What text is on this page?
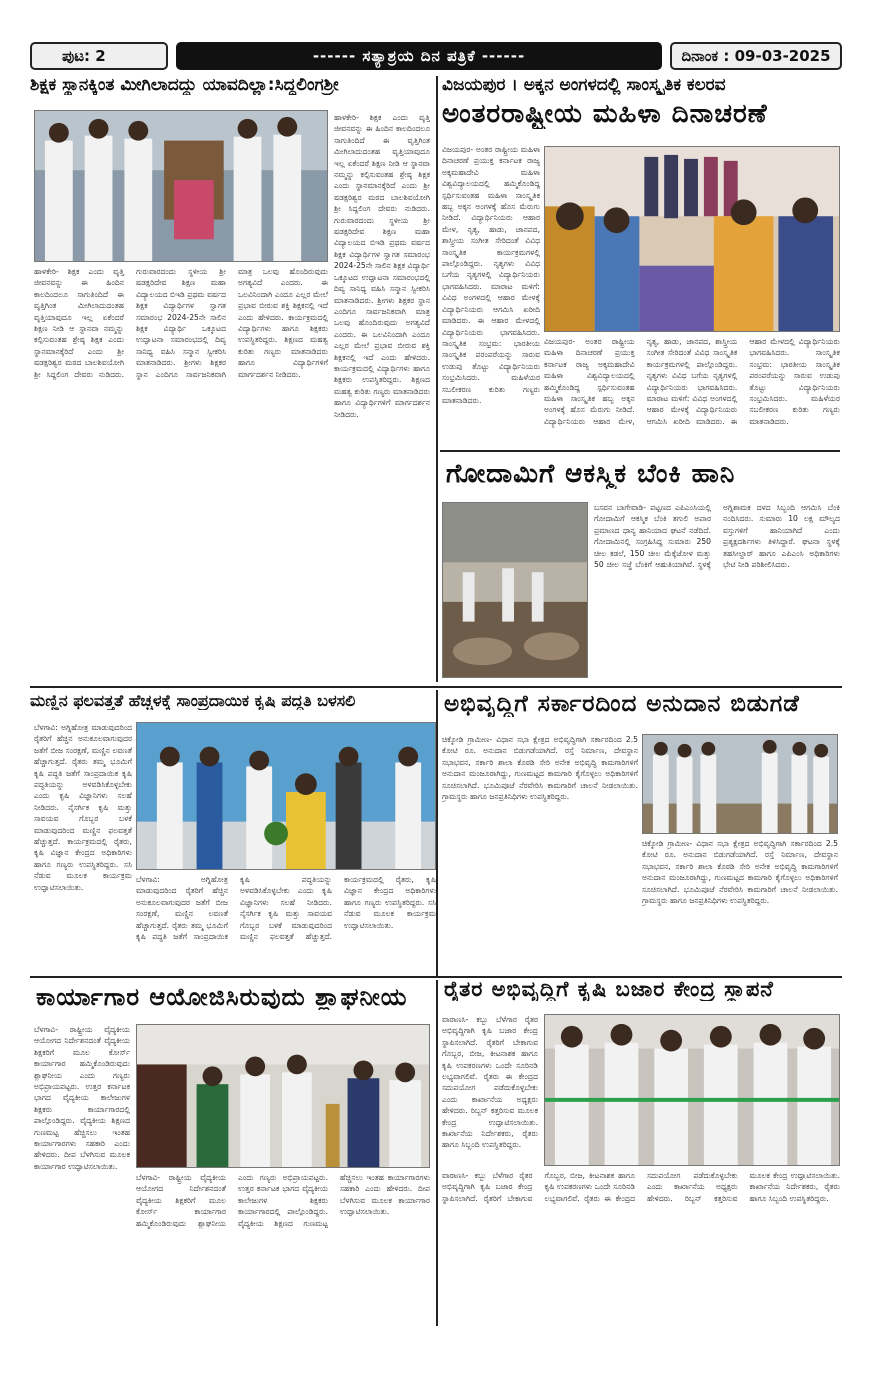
ಪುಟ: 2	------ ಸತ್ಯಾಶ್ರಯ ದಿನ ಪತ್ರಿಕೆ ------	ದಿನಾಂಕ : 09-03-2025
ಶಿಕ್ಷಕ ಸ್ಥಾನಕ್ಕಿಂತ ಮೀಗಿಲಾದದ್ದು ಯಾವದಿಲ್ಲಾ:ಸಿದ್ದಲಿಂಗಶ್ರೀ

ಹಾಳಕೇರಿ- ಶಿಕ್ಷಕ ಎಂದು ವೃತ್ತಿ ಜೀವನವನ್ನು ಈ ಹಿಂದಿನ ಕಾಲದಿಂದಲೂ ಸಾಗುತಿಂದಿದೆ ಈ ವೃತ್ತಿಗಿಂತ ಮೀಗಿಲಾದುದಂತಹ ವೃತ್ತಿಯಾವುದೂ ಇಲ್ಲ ಏಕೆಂದರೆ ಶಿಕ್ಷಣ ನೀಡಿ ಆ ಸ್ಥಾನವಾ ನಮ್ಮನ್ನು ಕಲ್ಪಿಸುವಂತಹ ಶ್ರೇಷ್ಠ ಶಿಕ್ಷಕ ಎಂದು ಸ್ಥಾನಮಾನಕ್ಕೆರಿದೆ ಎಂದು ಶ್ರೀ ಷಡಕ್ಷರಿಶ್ವರ ಮಠದ ಬಾಲಶಿವಯೋಗಿ ಶ್ರೀ ಸಿದ್ದಲಿಂಗ ದೇವರು ನುಡಿದರು. ಗುರುವಾರದಂದು ಸ್ಥಳೀಯ ಶ್ರೀ ಷಡಕ್ಷರಿದೇವ ಶಿಕ್ಷಣ ಮಹಾ ವಿದ್ಯಾಲಯದ ಬಿಇಡಿ ಪ್ರಥಮ ವರ್ಷದ ಶಿಕ್ಷಕ ವಿದ್ಯಾರ್ಥಿಗಳ ಸ್ವಾಗತ ಸಮಾರಂಭ 2024-25ನೇ ಸಾಲಿನ ಶಿಕ್ಷಕ ವಿದ್ಯಾರ್ಥಿ ಒಕ್ಕೂಟದ ಉದ್ಘಾಟನಾ ಸಮಾರಂಭದಲ್ಲಿ ದಿವ್ಯ ಸಾನಿಧ್ಯ ವಹಿಸಿ ಸನ್ಮಾನ ಸ್ವೀಕರಿಸಿ ಮಾತನಾಡಿದರು. ಶ್ರೀಗಳು ಶಿಕ್ಷಕರ ಸ್ಥಾನ ಎಂದಿಗೂ ಸಾರ್ವಜನಿಕವಾಗಿ ಮಾತ್ರ ಒಲವು ಹೊಂದಿರುವುದು ಅಗತ್ಯವಿದೆ ಎಂದರು. ಈ ಒಲವಿನಿಂದಾಗಿ ಎಂದೂ ಎಲ್ಲರ ಮೇಲೆ ಪ್ರಭಾವ ಬೀರುವ ಶಕ್ತಿ ಶಿಕ್ಷಕನಲ್ಲಿ ಇದೆ ಎಂದು ಹೇಳಿದರು. ಕಾರ್ಯಕ್ರಮದಲ್ಲಿ ವಿದ್ಯಾರ್ಥಿಗಳು ಹಾಗೂ ಶಿಕ್ಷಕರು ಉಪಸ್ಥಿತರಿದ್ದರು. ಶಿಕ್ಷಣದ ಮಹತ್ವ ಕುರಿತು ಗಣ್ಯರು ಮಾತನಾಡಿದರು ಹಾಗೂ ವಿದ್ಯಾರ್ಥಿಗಳಿಗೆ ಮಾರ್ಗದರ್ಶನ ನೀಡಿದರು.

ಹಾಳಕೇರಿ- ಶಿಕ್ಷಕ ಎಂದು ವೃತ್ತಿ ಜೀವನವನ್ನು ಈ ಹಿಂದಿನ ಕಾಲದಿಂದಲೂ ಸಾಗುತಿಂದಿದೆ ಈ ವೃತ್ತಿಗಿಂತ ಮೀಗಿಲಾದುದಂತಹ ವೃತ್ತಿಯಾವುದೂ ಇಲ್ಲ ಏಕೆಂದರೆ ಶಿಕ್ಷಣ ನೀಡಿ ಆ ಸ್ಥಾನವಾ ನಮ್ಮನ್ನು ಕಲ್ಪಿಸುವಂತಹ ಶ್ರೇಷ್ಠ ಶಿಕ್ಷಕ ಎಂದು ಸ್ಥಾನಮಾನಕ್ಕೆರಿದೆ ಎಂದು ಶ್ರೀ ಷಡಕ್ಷರಿಶ್ವರ ಮಠದ ಬಾಲಶಿವಯೋಗಿ ಶ್ರೀ ಸಿದ್ದಲಿಂಗ ದೇವರು ನುಡಿದರು. ಗುರುವಾರದಂದು ಸ್ಥಳೀಯ ಶ್ರೀ ಷಡಕ್ಷರಿದೇವ ಶಿಕ್ಷಣ ಮಹಾ ವಿದ್ಯಾಲಯದ ಬಿಇಡಿ ಪ್ರಥಮ ವರ್ಷದ ಶಿಕ್ಷಕ ವಿದ್ಯಾರ್ಥಿಗಳ ಸ್ವಾಗತ ಸಮಾರಂಭ 2024-25ನೇ ಸಾಲಿನ ಶಿಕ್ಷಕ ವಿದ್ಯಾರ್ಥಿ ಒಕ್ಕೂಟದ ಉದ್ಘಾಟನಾ ಸಮಾರಂಭದಲ್ಲಿ ದಿವ್ಯ ಸಾನಿಧ್ಯ ವಹಿಸಿ ಸನ್ಮಾನ ಸ್ವೀಕರಿಸಿ ಮಾತನಾಡಿದರು. ಶ್ರೀಗಳು ಶಿಕ್ಷಕರ ಸ್ಥಾನ ಎಂದಿಗೂ ಸಾರ್ವಜನಿಕವಾಗಿ ಮಾತ್ರ ಒಲವು ಹೊಂದಿರುವುದು ಅಗತ್ಯವಿದೆ ಎಂದರು. ಈ ಒಲವಿನಿಂದಾಗಿ ಎಂದೂ ಎಲ್ಲರ ಮೇಲೆ ಪ್ರಭಾವ ಬೀರುವ ಶಕ್ತಿ ಶಿಕ್ಷಕನಲ್ಲಿ ಇದೆ ಎಂದು ಹೇಳಿದರು. ಕಾರ್ಯಕ್ರಮದಲ್ಲಿ ವಿದ್ಯಾರ್ಥಿಗಳು ಹಾಗೂ ಶಿಕ್ಷಕರು ಉಪಸ್ಥಿತರಿದ್ದರು. ಶಿಕ್ಷಣದ ಮಹತ್ವ ಕುರಿತು ಗಣ್ಯರು ಮಾತನಾಡಿದರು ಹಾಗೂ ವಿದ್ಯಾರ್ಥಿಗಳಿಗೆ ಮಾರ್ಗದರ್ಶನ ನೀಡಿದರು.

ವಿಜಯಪುರ । ಅಕ್ಕನ ಅಂಗಳದಲ್ಲಿ ಸಾಂಸ್ಕೃತಿಕ ಕಲರವ
ಅಂತರರಾಷ್ಟ್ರೀಯ ಮಹಿಳಾ ದಿನಾಚರಣೆ

ವಿಜಯಪುರ- ಅಂತರ ರಾಷ್ಟ್ರೀಯ ಮಹಿಳಾ ದಿನಾಚರಣೆ ಪ್ರಯುಕ್ತ ಕರ್ನಾಟಕ ರಾಜ್ಯ ಅಕ್ಕಮಹಾದೇವಿ ಮಹಿಳಾ ವಿಶ್ವವಿದ್ಯಾಲಯದಲ್ಲಿ ಹಮ್ಮಿಕೊಂಡಿದ್ದ ಸ್ಪರ್ಧಿಸುವಂತಹ ಮಹಿಳಾ ಸಾಂಸ್ಕೃತಿಕ ಹಬ್ಬ ಅಕ್ಕನ ಅಂಗಳಕ್ಕೆ ಹೊಸ ಮೆರುಗು ನೀಡಿದೆ. ವಿದ್ಯಾರ್ಥಿನಿಯರು ಆಹಾರ ಮೇಳ, ನೃತ್ಯ, ಹಾಡು, ಜಾನಪದ, ಶಾಸ್ತ್ರೀಯ ಸಂಗೀತ ಸೇರಿದಂತೆ ವಿವಿಧ ಸಾಂಸ್ಕೃತಿಕ ಕಾರ್ಯಕ್ರಮಗಳಲ್ಲಿ ಪಾಲ್ಗೊಂಡಿದ್ದರು. ನೃತ್ಯಗಳು ವಿವಿಧ ಬಗೆಯ ನೃತ್ಯಗಳಲ್ಲಿ ವಿದ್ಯಾರ್ಥಿನಿಯರು ಭಾಗವಹಿಸಿದರು. ಮಾರಾಟ ಮಳಿಗೆ: ವಿವಿಧ ಅಂಗಳದಲ್ಲಿ ಆಹಾರ ಮೇಳಕ್ಕೆ ವಿದ್ಯಾರ್ಥಿನಿಯರು ಆಗಮಿಸಿ ಖರೀದಿ ಮಾಡಿದರು. ಈ ಆಹಾರ ಮೇಳದಲ್ಲಿ ವಿದ್ಯಾರ್ಥಿನಿಯರು ಭಾಗವಹಿಸಿದರು. ಸಾಂಸ್ಕೃತಿಕ ಸಂಭ್ರಮ: ಭಾರತೀಯ ಸಾಂಸ್ಕೃತಿಕ ಪರಂಪರೆಯನ್ನು ಸಾರುವ ಉಡುಪು ತೊಟ್ಟು ವಿದ್ಯಾರ್ಥಿನಿಯರು ಸಂಭ್ರಮಿಸಿದರು. ಮಹಿಳೆಯರ ಸಬಲೀಕರಣ ಕುರಿತು ಗಣ್ಯರು ಮಾತನಾಡಿದರು.

ವಿಜಯಪುರ- ಅಂತರ ರಾಷ್ಟ್ರೀಯ ಮಹಿಳಾ ದಿನಾಚರಣೆ ಪ್ರಯುಕ್ತ ಕರ್ನಾಟಕ ರಾಜ್ಯ ಅಕ್ಕಮಹಾದೇವಿ ಮಹಿಳಾ ವಿಶ್ವವಿದ್ಯಾಲಯದಲ್ಲಿ ಹಮ್ಮಿಕೊಂಡಿದ್ದ ಸ್ಪರ್ಧಿಸುವಂತಹ ಮಹಿಳಾ ಸಾಂಸ್ಕೃತಿಕ ಹಬ್ಬ ಅಕ್ಕನ ಅಂಗಳಕ್ಕೆ ಹೊಸ ಮೆರುಗು ನೀಡಿದೆ. ವಿದ್ಯಾರ್ಥಿನಿಯರು ಆಹಾರ ಮೇಳ, ನೃತ್ಯ, ಹಾಡು, ಜಾನಪದ, ಶಾಸ್ತ್ರೀಯ ಸಂಗೀತ ಸೇರಿದಂತೆ ವಿವಿಧ ಸಾಂಸ್ಕೃತಿಕ ಕಾರ್ಯಕ್ರಮಗಳಲ್ಲಿ ಪಾಲ್ಗೊಂಡಿದ್ದರು. ನೃತ್ಯಗಳು ವಿವಿಧ ಬಗೆಯ ನೃತ್ಯಗಳಲ್ಲಿ ವಿದ್ಯಾರ್ಥಿನಿಯರು ಭಾಗವಹಿಸಿದರು. ಮಾರಾಟ ಮಳಿಗೆ: ವಿವಿಧ ಅಂಗಳದಲ್ಲಿ ಆಹಾರ ಮೇಳಕ್ಕೆ ವಿದ್ಯಾರ್ಥಿನಿಯರು ಆಗಮಿಸಿ ಖರೀದಿ ಮಾಡಿದರು. ಈ ಆಹಾರ ಮೇಳದಲ್ಲಿ ವಿದ್ಯಾರ್ಥಿನಿಯರು ಭಾಗವಹಿಸಿದರು. ಸಾಂಸ್ಕೃತಿಕ ಸಂಭ್ರಮ: ಭಾರತೀಯ ಸಾಂಸ್ಕೃತಿಕ ಪರಂಪರೆಯನ್ನು ಸಾರುವ ಉಡುಪು ತೊಟ್ಟು ವಿದ್ಯಾರ್ಥಿನಿಯರು ಸಂಭ್ರಮಿಸಿದರು. ಮಹಿಳೆಯರ ಸಬಲೀಕರಣ ಕುರಿತು ಗಣ್ಯರು ಮಾತನಾಡಿದರು.

ಗೋದಾಮಿಗೆ ಆಕಸ್ಮಿಕ ಬೆಂಕಿ ಹಾನಿ

ಬಸವನ ಬಾಗೇವಾಡಿ- ಪಟ್ಟಣದ ಎಪಿಎಂಸಿಯಲ್ಲಿ ಗೋದಾಮಿಗೆ ಆಕಸ್ಮಿಕ ಬೆಂಕಿ ತಗುಲಿ ಅಪಾರ ಪ್ರಮಾಣದ ಧಾನ್ಯ ಹಾನಿಯಾದ ಘಟನೆ ನಡೆದಿದೆ. ಗೋದಾಮಿನಲ್ಲಿ ಸಂಗ್ರಹಿಸಿದ್ದ ಸುಮಾರು 250 ಚೀಲ ಕಡಲೆ, 150 ಚೀಲ ಮೆಕ್ಕೆಜೋಳ ಮತ್ತು 50 ಚೀಲ ಸಜ್ಜೆ ಬೆಂಕಿಗೆ ಆಹುತಿಯಾಗಿವೆ. ಸ್ಥಳಕ್ಕೆ ಅಗ್ನಿಶಾಮಕ ದಳದ ಸಿಬ್ಬಂದಿ ಆಗಮಿಸಿ ಬೆಂಕಿ ನಂದಿಸಿದರು. ಸುಮಾರು 10 ಲಕ್ಷ ಮೌಲ್ಯದ ವಸ್ತುಗಳಿಗೆ ಹಾನಿಯಾಗಿದೆ ಎಂದು ಪ್ರತ್ಯಕ್ಷದರ್ಶಿಗಳು ತಿಳಿಸಿದ್ದಾರೆ. ಘಟನಾ ಸ್ಥಳಕ್ಕೆ ತಹಸೀಲ್ದಾರ್ ಹಾಗೂ ಎಪಿಎಂಸಿ ಅಧಿಕಾರಿಗಳು ಭೇಟಿ ನೀಡಿ ಪರಿಶೀಲಿಸಿದರು.

ಮಣ್ಣಿನ ಫಲವತ್ತತೆ ಹೆಚ್ಚಳಕ್ಕೆ ಸಾಂಪ್ರದಾಯಿಕ ಕೃಷಿ ಪದ್ಧತಿ ಬಳಸಲಿ

ಬೆಳಗಾವಿ: ಅಗ್ನಿಹೋತ್ರ ಮಾಡುವುದರಿಂದ ರೈತರಿಗೆ ಹೆಚ್ಚಿನ ಅನುಕೂಲವಾಗುವುದರ ಜತೆಗೆ ಬೀಜ ಸಂರಕ್ಷಣೆ, ಮಣ್ಣಿನ ಲವಣತೆ ಹೆಚ್ಚಾಗುತ್ತದೆ. ರೈತರು ತಮ್ಮ ಭೂಮಿಗೆ ಕೃಷಿ ಪದ್ಧತಿ ಜತೆಗೆ ಸಾಂಪ್ರದಾಯಿಕ ಕೃಷಿ ಪದ್ಧತಿಯನ್ನು ಅಳವಡಿಸಿಕೊಳ್ಳಬೇಕು ಎಂದು ಕೃಷಿ ವಿಜ್ಞಾನಿಗಳು ಸಲಹೆ ನೀಡಿದರು. ನೈಸರ್ಗಿಕ ಕೃಷಿ ಮತ್ತು ಸಾವಯವ ಗೊಬ್ಬರ ಬಳಕೆ ಮಾಡುವುದರಿಂದ ಮಣ್ಣಿನ ಫಲವತ್ತತೆ ಹೆಚ್ಚುತ್ತದೆ. ಕಾರ್ಯಕ್ರಮದಲ್ಲಿ ರೈತರು, ಕೃಷಿ ವಿಜ್ಞಾನ ಕೇಂದ್ರದ ಅಧಿಕಾರಿಗಳು ಹಾಗೂ ಗಣ್ಯರು ಉಪಸ್ಥಿತರಿದ್ದರು. ಸಸಿ ನೆಡುವ ಮೂಲಕ ಕಾರ್ಯಕ್ರಮ ಉದ್ಘಾಟಿಸಲಾಯಿತು.

ಬೆಳಗಾವಿ: ಅಗ್ನಿಹೋತ್ರ ಮಾಡುವುದರಿಂದ ರೈತರಿಗೆ ಹೆಚ್ಚಿನ ಅನುಕೂಲವಾಗುವುದರ ಜತೆಗೆ ಬೀಜ ಸಂರಕ್ಷಣೆ, ಮಣ್ಣಿನ ಲವಣತೆ ಹೆಚ್ಚಾಗುತ್ತದೆ. ರೈತರು ತಮ್ಮ ಭೂಮಿಗೆ ಕೃಷಿ ಪದ್ಧತಿ ಜತೆಗೆ ಸಾಂಪ್ರದಾಯಿಕ ಕೃಷಿ ಪದ್ಧತಿಯನ್ನು ಅಳವಡಿಸಿಕೊಳ್ಳಬೇಕು ಎಂದು ಕೃಷಿ ವಿಜ್ಞಾನಿಗಳು ಸಲಹೆ ನೀಡಿದರು. ನೈಸರ್ಗಿಕ ಕೃಷಿ ಮತ್ತು ಸಾವಯವ ಗೊಬ್ಬರ ಬಳಕೆ ಮಾಡುವುದರಿಂದ ಮಣ್ಣಿನ ಫಲವತ್ತತೆ ಹೆಚ್ಚುತ್ತದೆ. ಕಾರ್ಯಕ್ರಮದಲ್ಲಿ ರೈತರು, ಕೃಷಿ ವಿಜ್ಞಾನ ಕೇಂದ್ರದ ಅಧಿಕಾರಿಗಳು ಹಾಗೂ ಗಣ್ಯರು ಉಪಸ್ಥಿತರಿದ್ದರು. ಸಸಿ ನೆಡುವ ಮೂಲಕ ಕಾರ್ಯಕ್ರಮ ಉದ್ಘಾಟಿಸಲಾಯಿತು.

ಅಭಿವೃದ್ಧಿಗೆ ಸರ್ಕಾರದಿಂದ ಅನುದಾನ ಬಿಡುಗಡೆ

ಚಿಕ್ಕೋಡಿ ಗ್ರಾಮೀಣ- ವಿಧಾನ ಸಭಾ ಕ್ಷೇತ್ರದ ಅಭಿವೃದ್ಧಿಗಾಗಿ ಸರ್ಕಾರದಿಂದ 2.5 ಕೋಟಿ ರೂ. ಅನುದಾನ ಬಿಡುಗಡೆಯಾಗಿದೆ. ರಸ್ತೆ ನಿರ್ಮಾಣ, ದೇವಸ್ಥಾನ ಸಭಾಭವನ, ಸರ್ಕಾರಿ ಶಾಲಾ ಕೊಠಡಿ ಸೇರಿ ಅನೇಕ ಅಭಿವೃದ್ಧಿ ಕಾಮಗಾರಿಗಳಿಗೆ ಅನುದಾನ ಮಂಜೂರಾಗಿದ್ದು, ಗುಣಮಟ್ಟದ ಕಾಮಗಾರಿ ಕೈಗೊಳ್ಳಲು ಅಧಿಕಾರಿಗಳಿಗೆ ಸೂಚಿಸಲಾಗಿದೆ. ಭೂಮಿಪೂಜೆ ನೆರವೇರಿಸಿ ಕಾಮಗಾರಿಗೆ ಚಾಲನೆ ನೀಡಲಾಯಿತು. ಗ್ರಾಮಸ್ಥರು ಹಾಗೂ ಜನಪ್ರತಿನಿಧಿಗಳು ಉಪಸ್ಥಿತರಿದ್ದರು.

ಚಿಕ್ಕೋಡಿ ಗ್ರಾಮೀಣ- ವಿಧಾನ ಸಭಾ ಕ್ಷೇತ್ರದ ಅಭಿವೃದ್ಧಿಗಾಗಿ ಸರ್ಕಾರದಿಂದ 2.5 ಕೋಟಿ ರೂ. ಅನುದಾನ ಬಿಡುಗಡೆಯಾಗಿದೆ. ರಸ್ತೆ ನಿರ್ಮಾಣ, ದೇವಸ್ಥಾನ ಸಭಾಭವನ, ಸರ್ಕಾರಿ ಶಾಲಾ ಕೊಠಡಿ ಸೇರಿ ಅನೇಕ ಅಭಿವೃದ್ಧಿ ಕಾಮಗಾರಿಗಳಿಗೆ ಅನುದಾನ ಮಂಜೂರಾಗಿದ್ದು, ಗುಣಮಟ್ಟದ ಕಾಮಗಾರಿ ಕೈಗೊಳ್ಳಲು ಅಧಿಕಾರಿಗಳಿಗೆ ಸೂಚಿಸಲಾಗಿದೆ. ಭೂಮಿಪೂಜೆ ನೆರವೇರಿಸಿ ಕಾಮಗಾರಿಗೆ ಚಾಲನೆ ನೀಡಲಾಯಿತು. ಗ್ರಾಮಸ್ಥರು ಹಾಗೂ ಜನಪ್ರತಿನಿಧಿಗಳು ಉಪಸ್ಥಿತರಿದ್ದರು.

ಕಾರ್ಯಾಗಾರ ಆಯೋಜಿಸಿರುವುದು ಶ್ಲಾಘನೀಯ

ಬೆಳಗಾವಿ- ರಾಷ್ಟ್ರೀಯ ವೈದ್ಯಕೀಯ ಆಯೋಗದ ನಿರ್ದೇಶನದಂತೆ ವೈದ್ಯಕೀಯ ಶಿಕ್ಷಕರಿಗೆ ಮೂಲ ಕೋರ್ಸ್ ಕಾರ್ಯಾಗಾರ ಹಮ್ಮಿಕೊಂಡಿರುವುದು ಶ್ಲಾಘನೀಯ ಎಂದು ಗಣ್ಯರು ಅಭಿಪ್ರಾಯಪಟ್ಟರು. ಉತ್ತರ ಕರ್ನಾಟಕ ಭಾಗದ ವೈದ್ಯಕೀಯ ಕಾಲೇಜುಗಳ ಶಿಕ್ಷಕರು ಕಾರ್ಯಾಗಾರದಲ್ಲಿ ಪಾಲ್ಗೊಂಡಿದ್ದರು. ವೈದ್ಯಕೀಯ ಶಿಕ್ಷಣದ ಗುಣಮಟ್ಟ ಹೆಚ್ಚಿಸಲು ಇಂತಹ ಕಾರ್ಯಾಗಾರಗಳು ಸಹಕಾರಿ ಎಂದು ಹೇಳಿದರು. ದೀಪ ಬೆಳಗಿಸುವ ಮೂಲಕ ಕಾರ್ಯಾಗಾರ ಉದ್ಘಾಟಿಸಲಾಯಿತು.

ಬೆಳಗಾವಿ- ರಾಷ್ಟ್ರೀಯ ವೈದ್ಯಕೀಯ ಆಯೋಗದ ನಿರ್ದೇಶನದಂತೆ ವೈದ್ಯಕೀಯ ಶಿಕ್ಷಕರಿಗೆ ಮೂಲ ಕೋರ್ಸ್ ಕಾರ್ಯಾಗಾರ ಹಮ್ಮಿಕೊಂಡಿರುವುದು ಶ್ಲಾಘನೀಯ ಎಂದು ಗಣ್ಯರು ಅಭಿಪ್ರಾಯಪಟ್ಟರು. ಉತ್ತರ ಕರ್ನಾಟಕ ಭಾಗದ ವೈದ್ಯಕೀಯ ಕಾಲೇಜುಗಳ ಶಿಕ್ಷಕರು ಕಾರ್ಯಾಗಾರದಲ್ಲಿ ಪಾಲ್ಗೊಂಡಿದ್ದರು. ವೈದ್ಯಕೀಯ ಶಿಕ್ಷಣದ ಗುಣಮಟ್ಟ ಹೆಚ್ಚಿಸಲು ಇಂತಹ ಕಾರ್ಯಾಗಾರಗಳು ಸಹಕಾರಿ ಎಂದು ಹೇಳಿದರು. ದೀಪ ಬೆಳಗಿಸುವ ಮೂಲಕ ಕಾರ್ಯಾಗಾರ ಉದ್ಘಾಟಿಸಲಾಯಿತು.

ರೈತರ ಅಭಿವೃದ್ಧಿಗೆ ಕೃಷಿ ಬಜಾರ ಕೇಂದ್ರ ಸ್ಥಾಪನೆ

ವಾರಾಣಸಿ- ಕಬ್ಬು ಬೆಳೆಗಾರ ರೈತರ ಅಭಿವೃದ್ಧಿಗಾಗಿ ಕೃಷಿ ಬಜಾರ ಕೇಂದ್ರ ಸ್ಥಾಪಿಸಲಾಗಿದೆ. ರೈತರಿಗೆ ಬೇಕಾಗುವ ಗೊಬ್ಬರ, ಬೀಜ, ಕೀಟನಾಶಕ ಹಾಗೂ ಕೃಷಿ ಉಪಕರಣಗಳು ಒಂದೇ ಸೂರಿನಡಿ ಲಭ್ಯವಾಗಲಿವೆ. ರೈತರು ಈ ಕೇಂದ್ರದ ಸದುಪಯೋಗ ಪಡೆದುಕೊಳ್ಳಬೇಕು ಎಂದು ಕಾರ್ಖಾನೆಯ ಅಧ್ಯಕ್ಷರು ಹೇಳಿದರು. ರಿಬ್ಬನ್ ಕತ್ತರಿಸುವ ಮೂಲಕ ಕೇಂದ್ರ ಉದ್ಘಾಟಿಸಲಾಯಿತು. ಕಾರ್ಖಾನೆಯ ನಿರ್ದೇಶಕರು, ರೈತರು ಹಾಗೂ ಸಿಬ್ಬಂದಿ ಉಪಸ್ಥಿತರಿದ್ದರು.

ವಾರಾಣಸಿ- ಕಬ್ಬು ಬೆಳೆಗಾರ ರೈತರ ಅಭಿವೃದ್ಧಿಗಾಗಿ ಕೃಷಿ ಬಜಾರ ಕೇಂದ್ರ ಸ್ಥಾಪಿಸಲಾಗಿದೆ. ರೈತರಿಗೆ ಬೇಕಾಗುವ ಗೊಬ್ಬರ, ಬೀಜ, ಕೀಟನಾಶಕ ಹಾಗೂ ಕೃಷಿ ಉಪಕರಣಗಳು ಒಂದೇ ಸೂರಿನಡಿ ಲಭ್ಯವಾಗಲಿವೆ. ರೈತರು ಈ ಕೇಂದ್ರದ ಸದುಪಯೋಗ ಪಡೆದುಕೊಳ್ಳಬೇಕು ಎಂದು ಕಾರ್ಖಾನೆಯ ಅಧ್ಯಕ್ಷರು ಹೇಳಿದರು. ರಿಬ್ಬನ್ ಕತ್ತರಿಸುವ ಮೂಲಕ ಕೇಂದ್ರ ಉದ್ಘಾಟಿಸಲಾಯಿತು. ಕಾರ್ಖಾನೆಯ ನಿರ್ದೇಶಕರು, ರೈತರು ಹಾಗೂ ಸಿಬ್ಬಂದಿ ಉಪಸ್ಥಿತರಿದ್ದರು.
